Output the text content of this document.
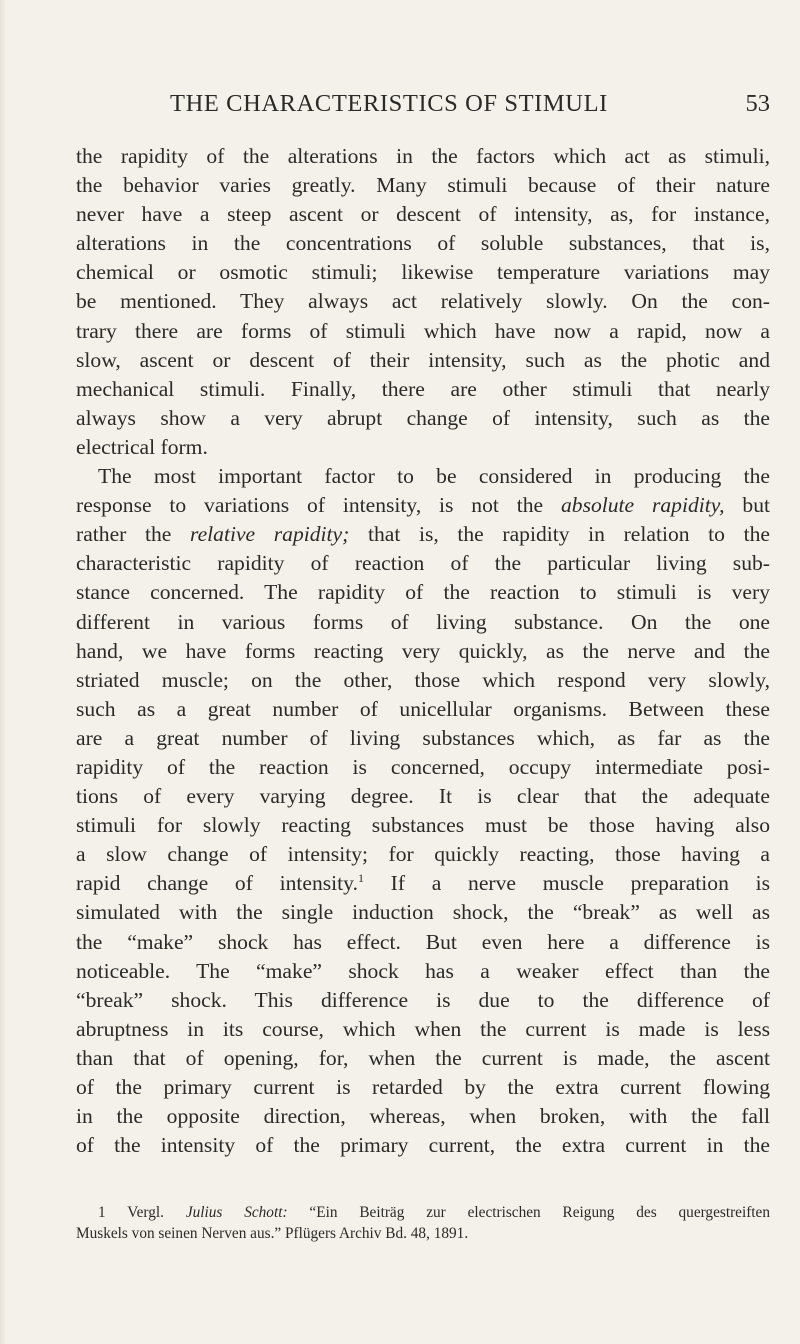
THE CHARACTERISTICS OF STIMULI	53
the rapidity of the alterations in the factors which act as stimuli,
the behavior varies greatly. Many stimuli because of their nature
never have a steep ascent or descent of intensity, as, for instance,
alterations in the concentrations of soluble substances, that is,
chemical or osmotic stimuli; likewise temperature variations may
be mentioned. They always act relatively slowly. On the con-
trary there are forms of stimuli which have now a rapid, now a
slow, ascent or descent of their intensity, such as the photic and
mechanical stimuli. Finally, there are other stimuli that nearly
always show a very abrupt change of intensity, such as the
electrical form.
The most important factor to be considered in producing the
response to variations of intensity, is not the absolute rapidity, but
rather the relative rapidity; that is, the rapidity in relation to the
characteristic rapidity of reaction of the particular living sub-
stance concerned. The rapidity of the reaction to stimuli is very
different in various forms of living substance. On the one
hand, we have forms reacting very quickly, as the nerve and the
striated muscle; on the other, those which respond very slowly,
such as a great number of unicellular organisms. Between these
are a great number of living substances which, as far as the
rapidity of the reaction is concerned, occupy intermediate posi-
tions of every varying degree. It is clear that the adequate
stimuli for slowly reacting substances must be those having also
a slow change of intensity; for quickly reacting, those having a
rapid change of intensity.$^1$ If a nerve muscle preparation is
simulated with the single induction shock, the “break” as well as
the “make” shock has effect. But even here a difference is
noticeable. The “make” shock has a weaker effect than the
“break” shock. This difference is due to the difference of
abruptness in its course, which when the current is made is less
than that of opening, for, when the current is made, the ascent
of the primary current is retarded by the extra current flowing
in the opposite direction, whereas, when broken, with the fall
of the intensity of the primary current, the extra current in the
1 Vergl. Julius Schott: “Ein Beiträg zur electrischen Reigung des quergestreiften
Muskels von seinen Nerven aus.” Pflügers Archiv Bd. 48, 1891.
